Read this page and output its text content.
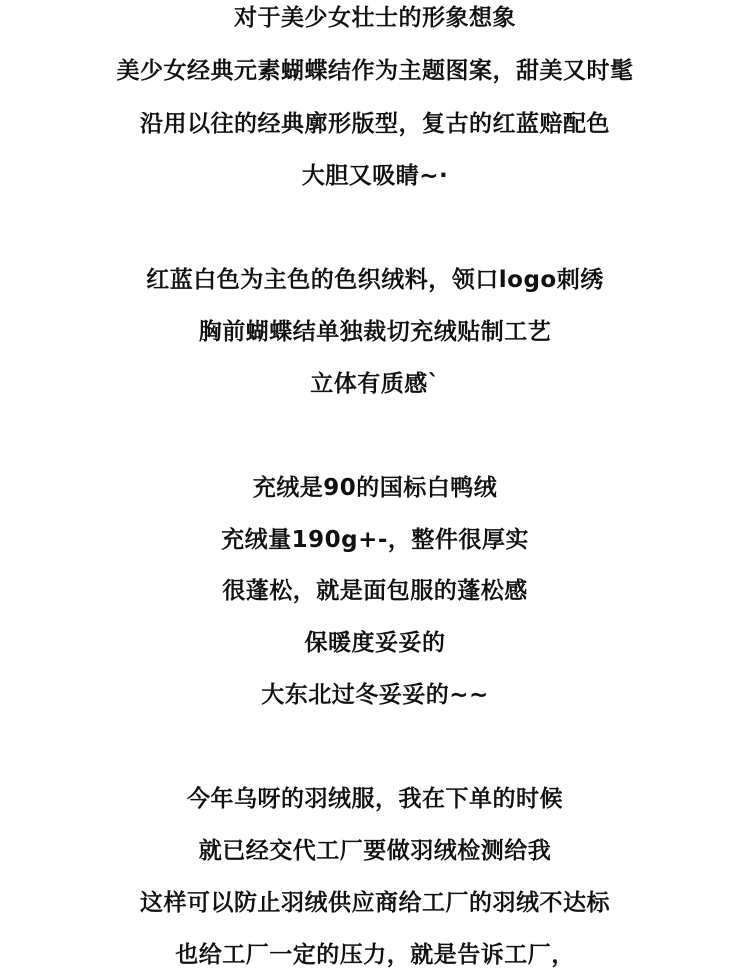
对于美少女壮士的形象想象
美少女经典元素蝴蝶结作为主题图案，甜美又时髦
沿用以往的经典廓形版型，复古的红蓝赔配色
大胆又吸睛~·
红蓝白色为主色的色织绒料，领口logo刺绣
胸前蝴蝶结单独裁切充绒贴制工艺
立体有质感`
充绒是90的国标白鸭绒
充绒量190g+-，整件很厚实
很蓬松，就是面包服的蓬松感
保暖度妥妥的
大东北过冬妥妥的~~
今年乌呀的羽绒服，我在下单的时候
就已经交代工厂要做羽绒检测给我
这样可以防止羽绒供应商给工厂的羽绒不达标
也给工厂一定的压力，就是告诉工厂，
